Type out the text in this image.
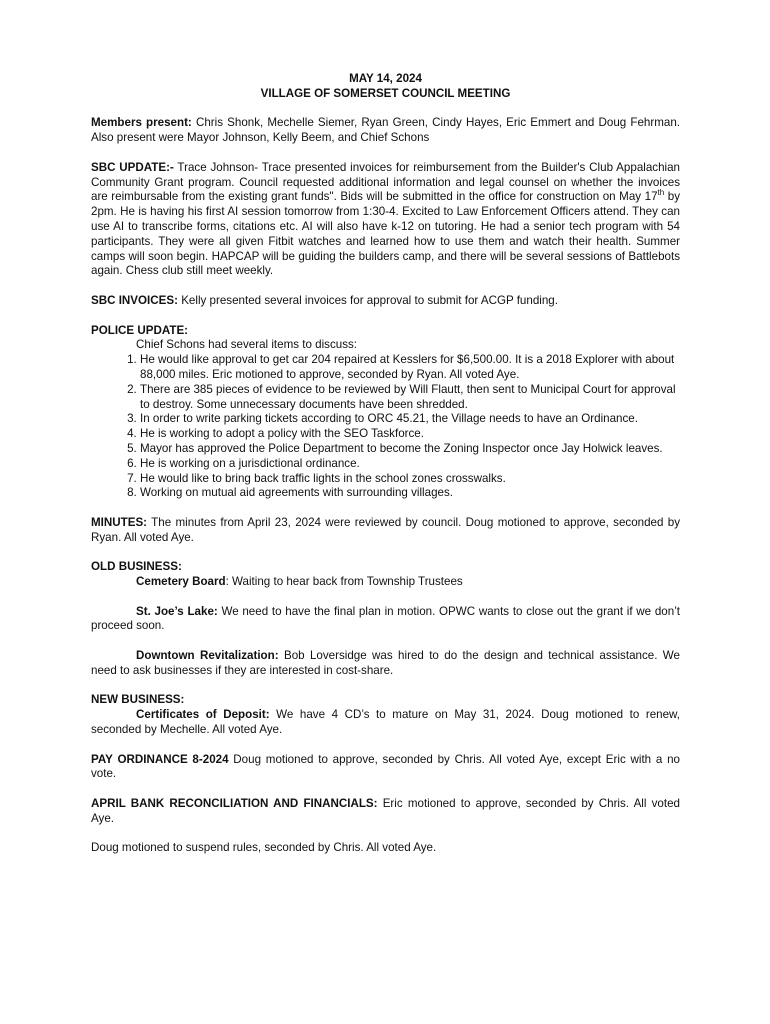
MAY 14, 2024
VILLAGE OF SOMERSET COUNCIL MEETING

Members present: Chris Shonk, Mechelle Siemer, Ryan Green, Cindy Hayes, Eric Emmert and Doug Fehrman. Also present were Mayor Johnson, Kelly Beem, and Chief Schons

SBC UPDATE:- Trace Johnson- Trace presented invoices for reimbursement from the Builder's Club Appalachian Community Grant program. Council requested additional information and legal counsel on whether the invoices are reimbursable from the existing grant funds". Bids will be submitted in the office for construction on May 17th by 2pm. He is having his first AI session tomorrow from 1:30-4. Excited to Law Enforcement Officers attend. They can use AI to transcribe forms, citations etc. AI will also have k-12 on tutoring. He had a senior tech program with 54 participants. They were all given Fitbit watches and learned how to use them and watch their health. Summer camps will soon begin. HAPCAP will be guiding the builders camp, and there will be several sessions of Battlebots again. Chess club still meet weekly.

SBC INVOICES: Kelly presented several invoices for approval to submit for ACGP funding.

POLICE UPDATE:
Chief Schons had several items to discuss:
1. He would like approval to get car 204 repaired at Kesslers for $6,500.00. It is a 2018 Explorer with about 88,000 miles. Eric motioned to approve, seconded by Ryan. All voted Aye.
2. There are 385 pieces of evidence to be reviewed by Will Flautt, then sent to Municipal Court for approval to destroy. Some unnecessary documents have been shredded.
3. In order to write parking tickets according to ORC 45.21, the Village needs to have an Ordinance.
4. He is working to adopt a policy with the SEO Taskforce.
5. Mayor has approved the Police Department to become the Zoning Inspector once Jay Holwick leaves.
6. He is working on a jurisdictional ordinance.
7. He would like to bring back traffic lights in the school zones crosswalks.
8. Working on mutual aid agreements with surrounding villages.

MINUTES: The minutes from April 23, 2024 were reviewed by council. Doug motioned to approve, seconded by Ryan. All voted Aye.

OLD BUSINESS:

Cemetery Board: Waiting to hear back from Township Trustees

St. Joe’s Lake: We need to have the final plan in motion. OPWC wants to close out the grant if we don’t proceed soon.

Downtown Revitalization: Bob Loversidge was hired to do the design and technical assistance. We need to ask businesses if they are interested in cost-share.

NEW BUSINESS:

Certificates of Deposit: We have 4 CD’s to mature on May 31, 2024. Doug motioned to renew, seconded by Mechelle. All voted Aye.

PAY ORDINANCE 8-2024 Doug motioned to approve, seconded by Chris. All voted Aye, except Eric with a no vote.

APRIL BANK RECONCILIATION AND FINANCIALS: Eric motioned to approve, seconded by Chris. All voted Aye.

Doug motioned to suspend rules, seconded by Chris. All voted Aye.
